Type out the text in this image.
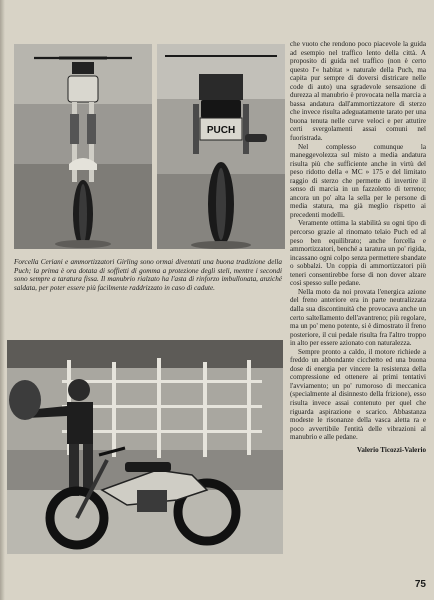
PUCH
Forcella Ceriani e ammortizzatori Girling sono ormai diventati una buona tradizione della Puch; la prima è ora dotata di soffietti di gomma a protezione degli steli, mentre i secondi sono sempre a taratura fissa. Il manubrio rialzato ha l'asta di rinforzo imbullonata, anziché saldata, per poter essere più facilmente raddrizzato in caso di cadute.

che vuoto che rendono poco piacevole la guida ad esempio nel traffico lento della città. A proposito di guida nel traffico (non è certo questo l'« habitat » naturale della Puch, ma capita pur sempre di doversi districare nelle code di auto) una sgradevole sensazione di durezza al manubrio è provocata nella marcia a bassa andatura dall'ammortizzatore di sterzo che invece risulta adeguatamente tarato per una buona tenuta nelle curve veloci e per attutire certi svergolamenti assai comuni nel fuoristrada.

Nel complesso comunque la maneggevolezza sul misto a media andatura risulta più che sufficiente anche in virtù del peso ridotto della « MC » 175 e del limitato raggio di sterzo che permette di invertire il senso di marcia in un fazzoletto di terreno; ancora un po' alta la sella per le persone di media statura, ma già meglio rispetto ai precedenti modelli.

Veramente ottima la stabilità su ogni tipo di percorso grazie al rinomato telaio Puch ed al peso ben equilibrato; anche forcella e ammortizzatori, benché a taratura un po' rigida, incassano ogni colpo senza permettere sbandate o sobbalzi. Un coppia di ammortizzatori più teneri consentirebbe forse di non dover alzare così spesso sulle pedane.

Nella moto da noi provata l'energica azione del freno anteriore era in parte neutralizzata dalla sua discontinuità che provocava anche un certo saltellamento dell'avantreno; più regolare, ma un po' meno potente, si è dimostrato il freno posteriore, il cui pedale risulta fra l'altro troppo in alto per essere azionato con naturalezza.

Sempre pronto a caldo, il motore richiede a freddo un abbondante cicchetto ed una buona dose di energia per vincere la resistenza della compressione ed ottenere ai primi tentativi l'avviamento; un po' rumoroso di meccanica (specialmente al disinnesto della frizione), esso risulta invece assai contenuto per quel che riguarda aspirazione e scarico. Abbastanza modeste le risonanze della vasca aletta ra e poco avvertibile l'entità delle vibrazioni al manubrio e alle pedane.

Valerio Ticozzi-Valerio

75
